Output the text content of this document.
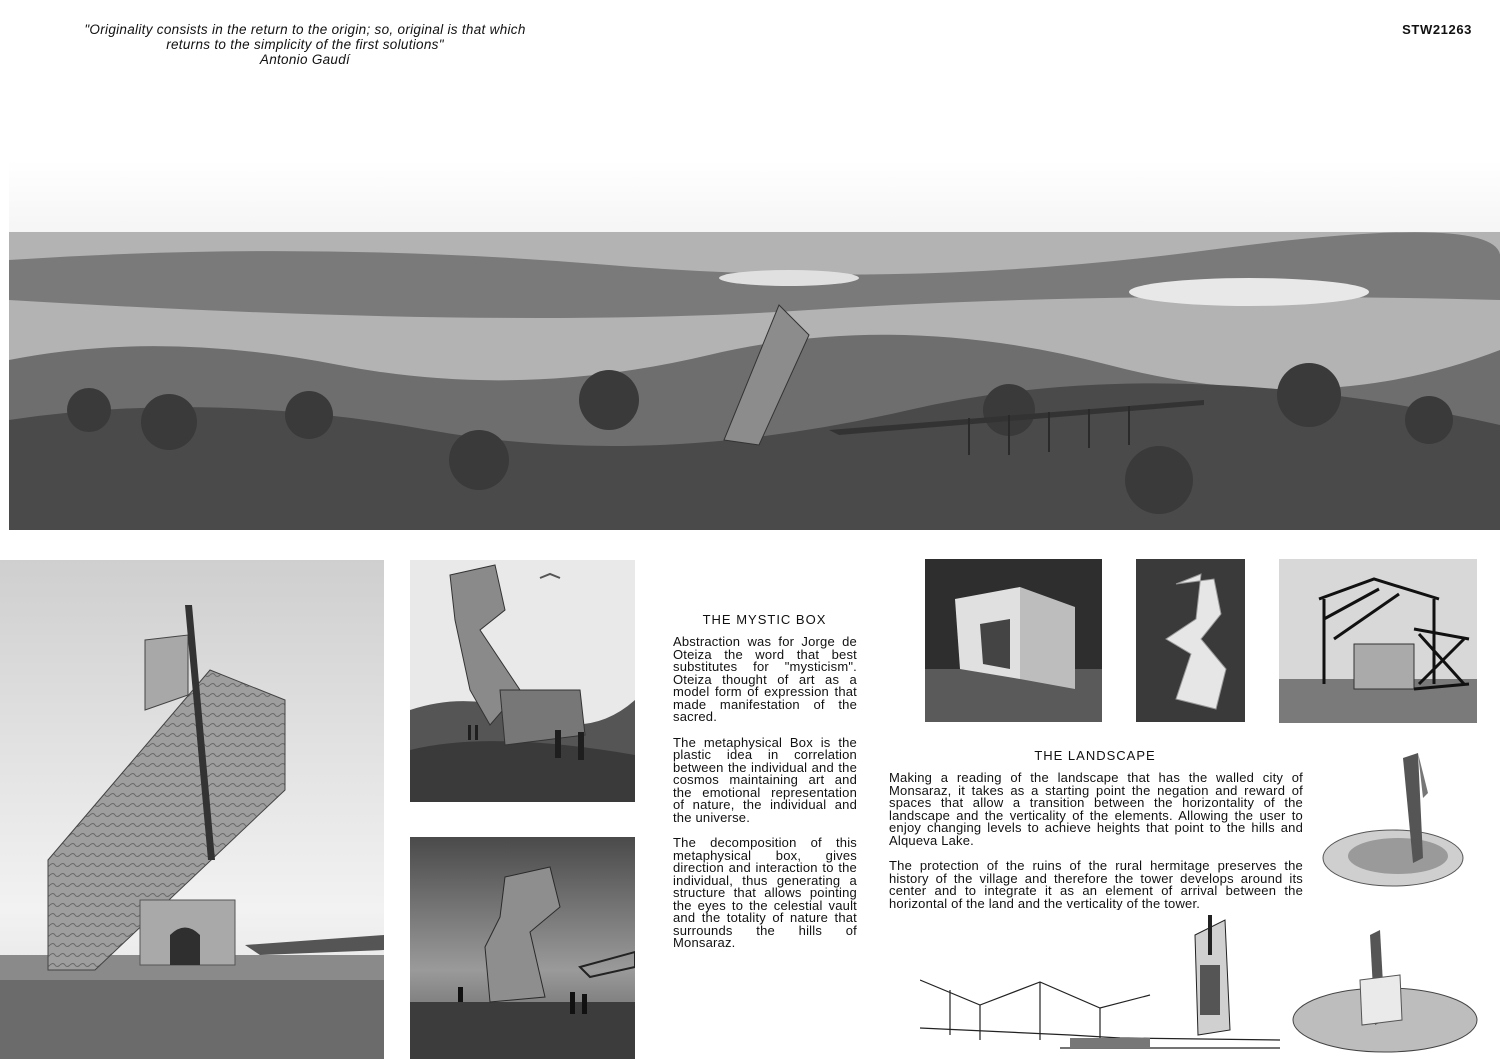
"Originality consists in the return to the origin; so, original is that which
returns to the simplicity of the first solutions"
Antonio Gaudí
STW21263
THE MYSTIC BOX

Abstraction was for Jorge de Oteiza the word that best substitutes for "mysticism". Oteiza thought of art as a model form of expression that made manifestation of the sacred.

The metaphysical Box is the plastic idea in correlation between the individual and the cosmos maintaining art and the emotional representation of nature, the individual and the universe.

The decomposition of this metaphysical box, gives direction and interaction to the individual, thus generating a structure that allows pointing the eyes to the celestial vault and the totality of nature that surrounds the hills of Monsaraz.

THE LANDSCAPE

Making a reading of the landscape that has the walled city of Monsaraz, it takes as a starting point the negation and reward of spaces that allow a transition between the horizontality of the landscape and the verticality of the elements. Allowing the user to enjoy changing levels to achieve heights that point to the hills and Alqueva Lake.

The protection of the ruins of the rural hermitage preserves the history of the village and therefore the tower develops around its center and to integrate it as an element of arrival between the horizontal of the land and the verticality of the tower.
